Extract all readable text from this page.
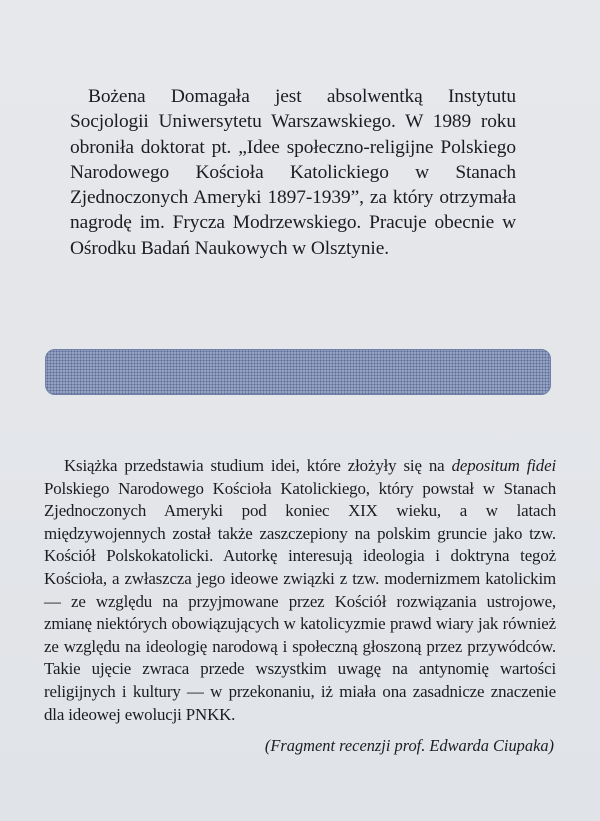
Bożena Domagała jest absolwentką Instytutu Socjologii Uniwersytetu Warszawskiego. W 1989 roku obroniła doktorat pt. „Idee społeczno-religijne Polskiego Narodowego Kościoła Katolickiego w Stanach Zjednoczonych Ameryki 1897-1939”, za który otrzymała nagrodę im. Frycza Modrzewskiego. Pracuje obecnie w Ośrodku Badań Naukowych w Olsztynie.

Książka przedstawia studium idei, które złożyły się na depositum fidei Polskiego Narodowego Kościoła Katolickiego, który powstał w Stanach Zjednoczonych Ameryki pod koniec XIX wieku, a w latach międzywojennych został także zaszczepiony na polskim gruncie jako tzw. Kościół Polskokatolicki. Autorkę interesują ideologia i doktryna tegoż Kościoła, a zwłaszcza jego ideowe związki z tzw. modernizmem katolickim — ze względu na przyjmowane przez Kościół rozwiązania ustrojowe, zmianę niektórych obowiązujących w katolicyzmie prawd wiary jak również ze względu na ideologię narodową i społeczną głoszoną przez przywódców. Takie ujęcie zwraca przede wszystkim uwagę na antynomię wartości religijnych i kultury — w przekonaniu, iż miała ona zasadnicze znaczenie dla ideowej ewolucji PNKK.

(Fragment recenzji prof. Edwarda Ciupaka)
